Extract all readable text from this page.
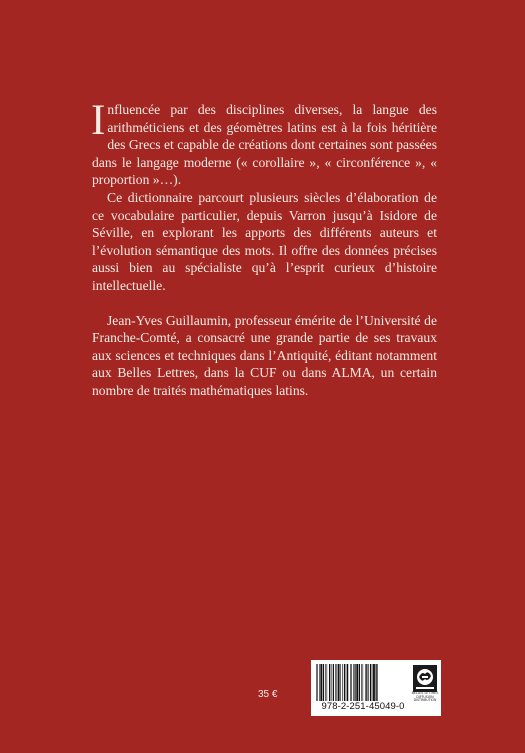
Influencée par des disciplines diverses, la langue des arithméticiens et des géomètres latins est à la fois héritière des Grecs et capable de créations dont certaines sont passées dans le langage moderne (« corollaire », « circonférence », « proportion »…).

Ce dictionnaire parcourt plusieurs siècles d’élaboration de ce vocabulaire particulier, depuis Varron jusqu’à Isidore de Séville, en explorant les apports des différents auteurs et l’évolution sémantique des mots. Il offre des données précises aussi bien au spécialiste qu’à l’esprit curieux d’histoire intellectuelle.

Jean-Yves Guillaumin, professeur émérite de l’Université de Franche-Comté, a consacré une grande partie de ses travaux aux sciences et techniques dans l’Antiquité, éditant notamment aux Belles Lettres, dans la CUF ou dans ALMA, un certain nombre de traités mathématiques latins.

35 €
978-2-251-45049-0
BELLES LETTRES DIFFUSION DISTRIBUTION
